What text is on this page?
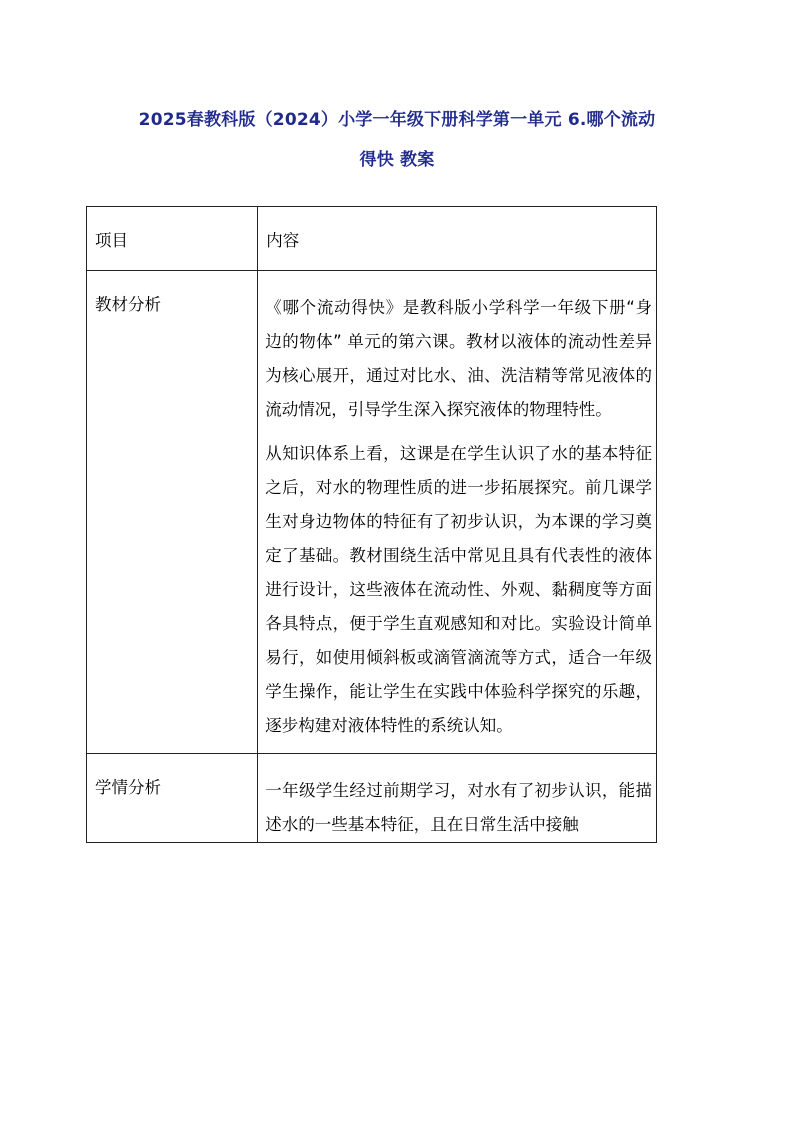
2025春教科版（2024）小学一年级下册科学第一单元 6.哪个流动
得快 教案
项目	内容
教材分析	《哪个流动得快》是教科版小学科学一年级下册“身边的物体” 单元的第六课。教材以液体的流动性差异为核心展开，通过对比水、油、洗洁精等常见液体的流动情况，引导学生深入探究液体的物理特性。

从知识体系上看，这课是在学生认识了水的基本特征之后，对水的物理性质的进一步拓展探究。前几课学生对身边物体的特征有了初步认识，为本课的学习奠定了基础。教材围绕生活中常见且具有代表性的液体进行设计，这些液体在流动性、外观、黏稠度等方面各具特点，便于学生直观感知和对比。实验设计简单易行，如使用倾斜板或滴管滴流等方式，适合一年级学生操作，能让学生在实践中体验科学探究的乐趣，逐步构建对液体特性的系统认知。

学情分析	一年级学生经过前期学习，对水有了初步认识，能描述水的一些基本特征，且在日常生活中接触
